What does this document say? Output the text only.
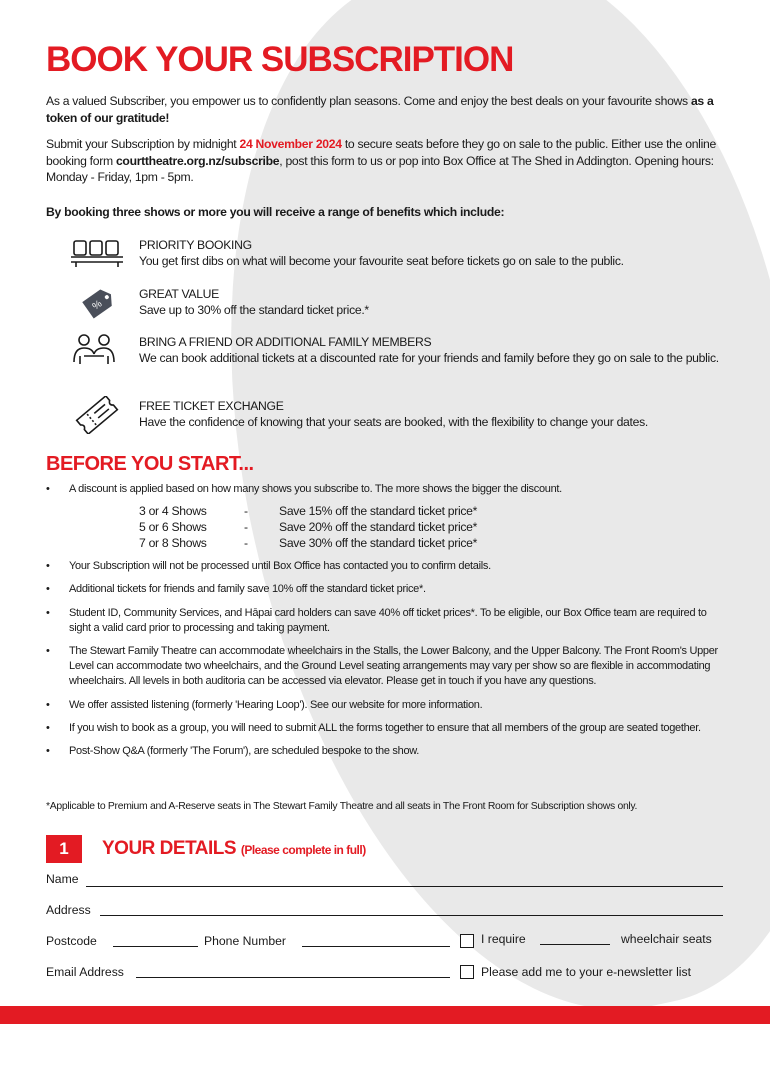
BOOK YOUR SUBSCRIPTION

As a valued Subscriber, you empower us to confidently plan seasons. Come and enjoy the best deals on your favourite shows as a token of our gratitude!

Submit your Subscription by midnight 24 November 2024 to secure seats before they go on sale to the public. Either use the online booking form courttheatre.org.nz/subscribe, post this form to us or pop into Box Office at The Shed in Addington. Opening hours: Monday - Friday, 1pm - 5pm.

By booking three shows or more you will receive a range of benefits which include:
PRIORITY BOOKING
You get first dibs on what will become your favourite seat before tickets go on sale to the public.
%
GREAT VALUE
Save up to 30% off the standard ticket price.*
BRING A FRIEND OR ADDITIONAL FAMILY MEMBERS
We can book additional tickets at a discounted rate for your friends and family before they go on sale to the public.
FREE TICKET EXCHANGE
Have the confidence of knowing that your seats are booked, with the flexibility to change your dates.
BEFORE YOU START...
• A discount is applied based on how many shows you subscribe to. The more shows the bigger the discount.
3 or 4 Shows	-	Save 15% off the standard ticket price*
5 or 6 Shows	-	Save 20% off the standard ticket price*
7 or 8 Shows	-	Save 30% off the standard ticket price*
• Your Subscription will not be processed until Box Office has contacted you to confirm details.
• Additional tickets for friends and family save 10% off the standard ticket price*.
• Student ID, Community Services, and Hāpai card holders can save 40% off ticket prices*. To be eligible, our Box Office team are required to sight a valid card prior to processing and taking payment.
• The Stewart Family Theatre can accommodate wheelchairs in the Stalls, the Lower Balcony, and the Upper Balcony. The Front Room's Upper Level can accommodate two wheelchairs, and the Ground Level seating arrangements may vary per show so are flexible in accommodating wheelchairs. All levels in both auditoria can be accessed via elevator. Please get in touch if you have any questions.
• We offer assisted listening (formerly 'Hearing Loop'). See our website for more information.
• If you wish to book as a group, you will need to submit ALL the forms together to ensure that all members of the group are seated together.
• Post-Show Q&A (formerly 'The Forum'), are scheduled bespoke to the show.
*Applicable to Premium and A-Reserve seats in The Stewart Family Theatre and all seats in The Front Room for Subscription shows only.
1	YOUR DETAILS (Please complete in full)
Name
Address
Postcode	Phone Number	I require	wheelchair seats
Email Address	Please add me to your e-newsletter list
